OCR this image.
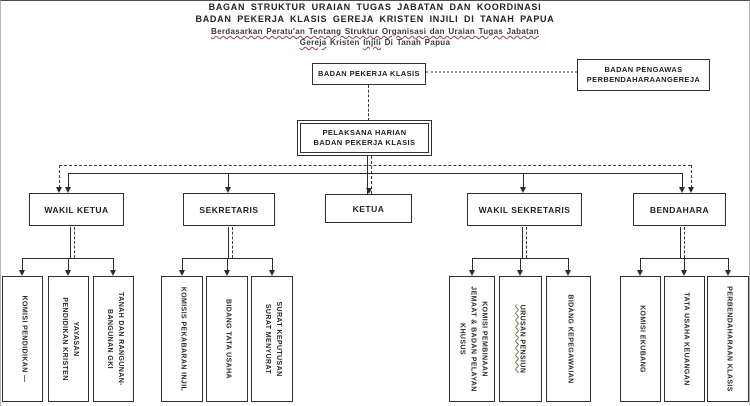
BAGAN STRUKTUR URAIAN TUGAS JABATAN DAN KOORDINASI
BADAN PEKERJA KLASIS GEREJA KRISTEN INJILI DI TANAH PAPUA
Berdasarkan Peratu'an Tentang Struktur Organisasi dan Uraian Tugas Jabatan
Gereja Kristen Injili Di Tanah Papua
BADAN PEKERJA KLASIS	BADAN PENGAWAS
PERBENDAHARAANGEREJA
PELAKSANA HARIAN
BADAN PEKERJA KLASIS
WAKIL KETUA	SEKRETARIS	KETUA	WAKIL SEKRETARIS	BENDAHARA
KOMISI PENDIDIKAN —	YAYASAN
PENDIDIKAN KRISTEN	TANAH DAN RANGUNAN-
BANGUNAN GKI	KOMISIS PEKABARAN INJIL	BIDANG TATA USAHA	SURAT KEPUTUSAN
SURAT MENYURAT	KOMISI PEMBINAAN
JEMAAT & BADAN PELAYAN
KHUSUS	URUSAN PENSIUN	BIDANG KEPEGAWAIAN	KOMISI EKUBANG	TATA USAHA KEUANGAN	PERBENDAHARAAN KLASIS
